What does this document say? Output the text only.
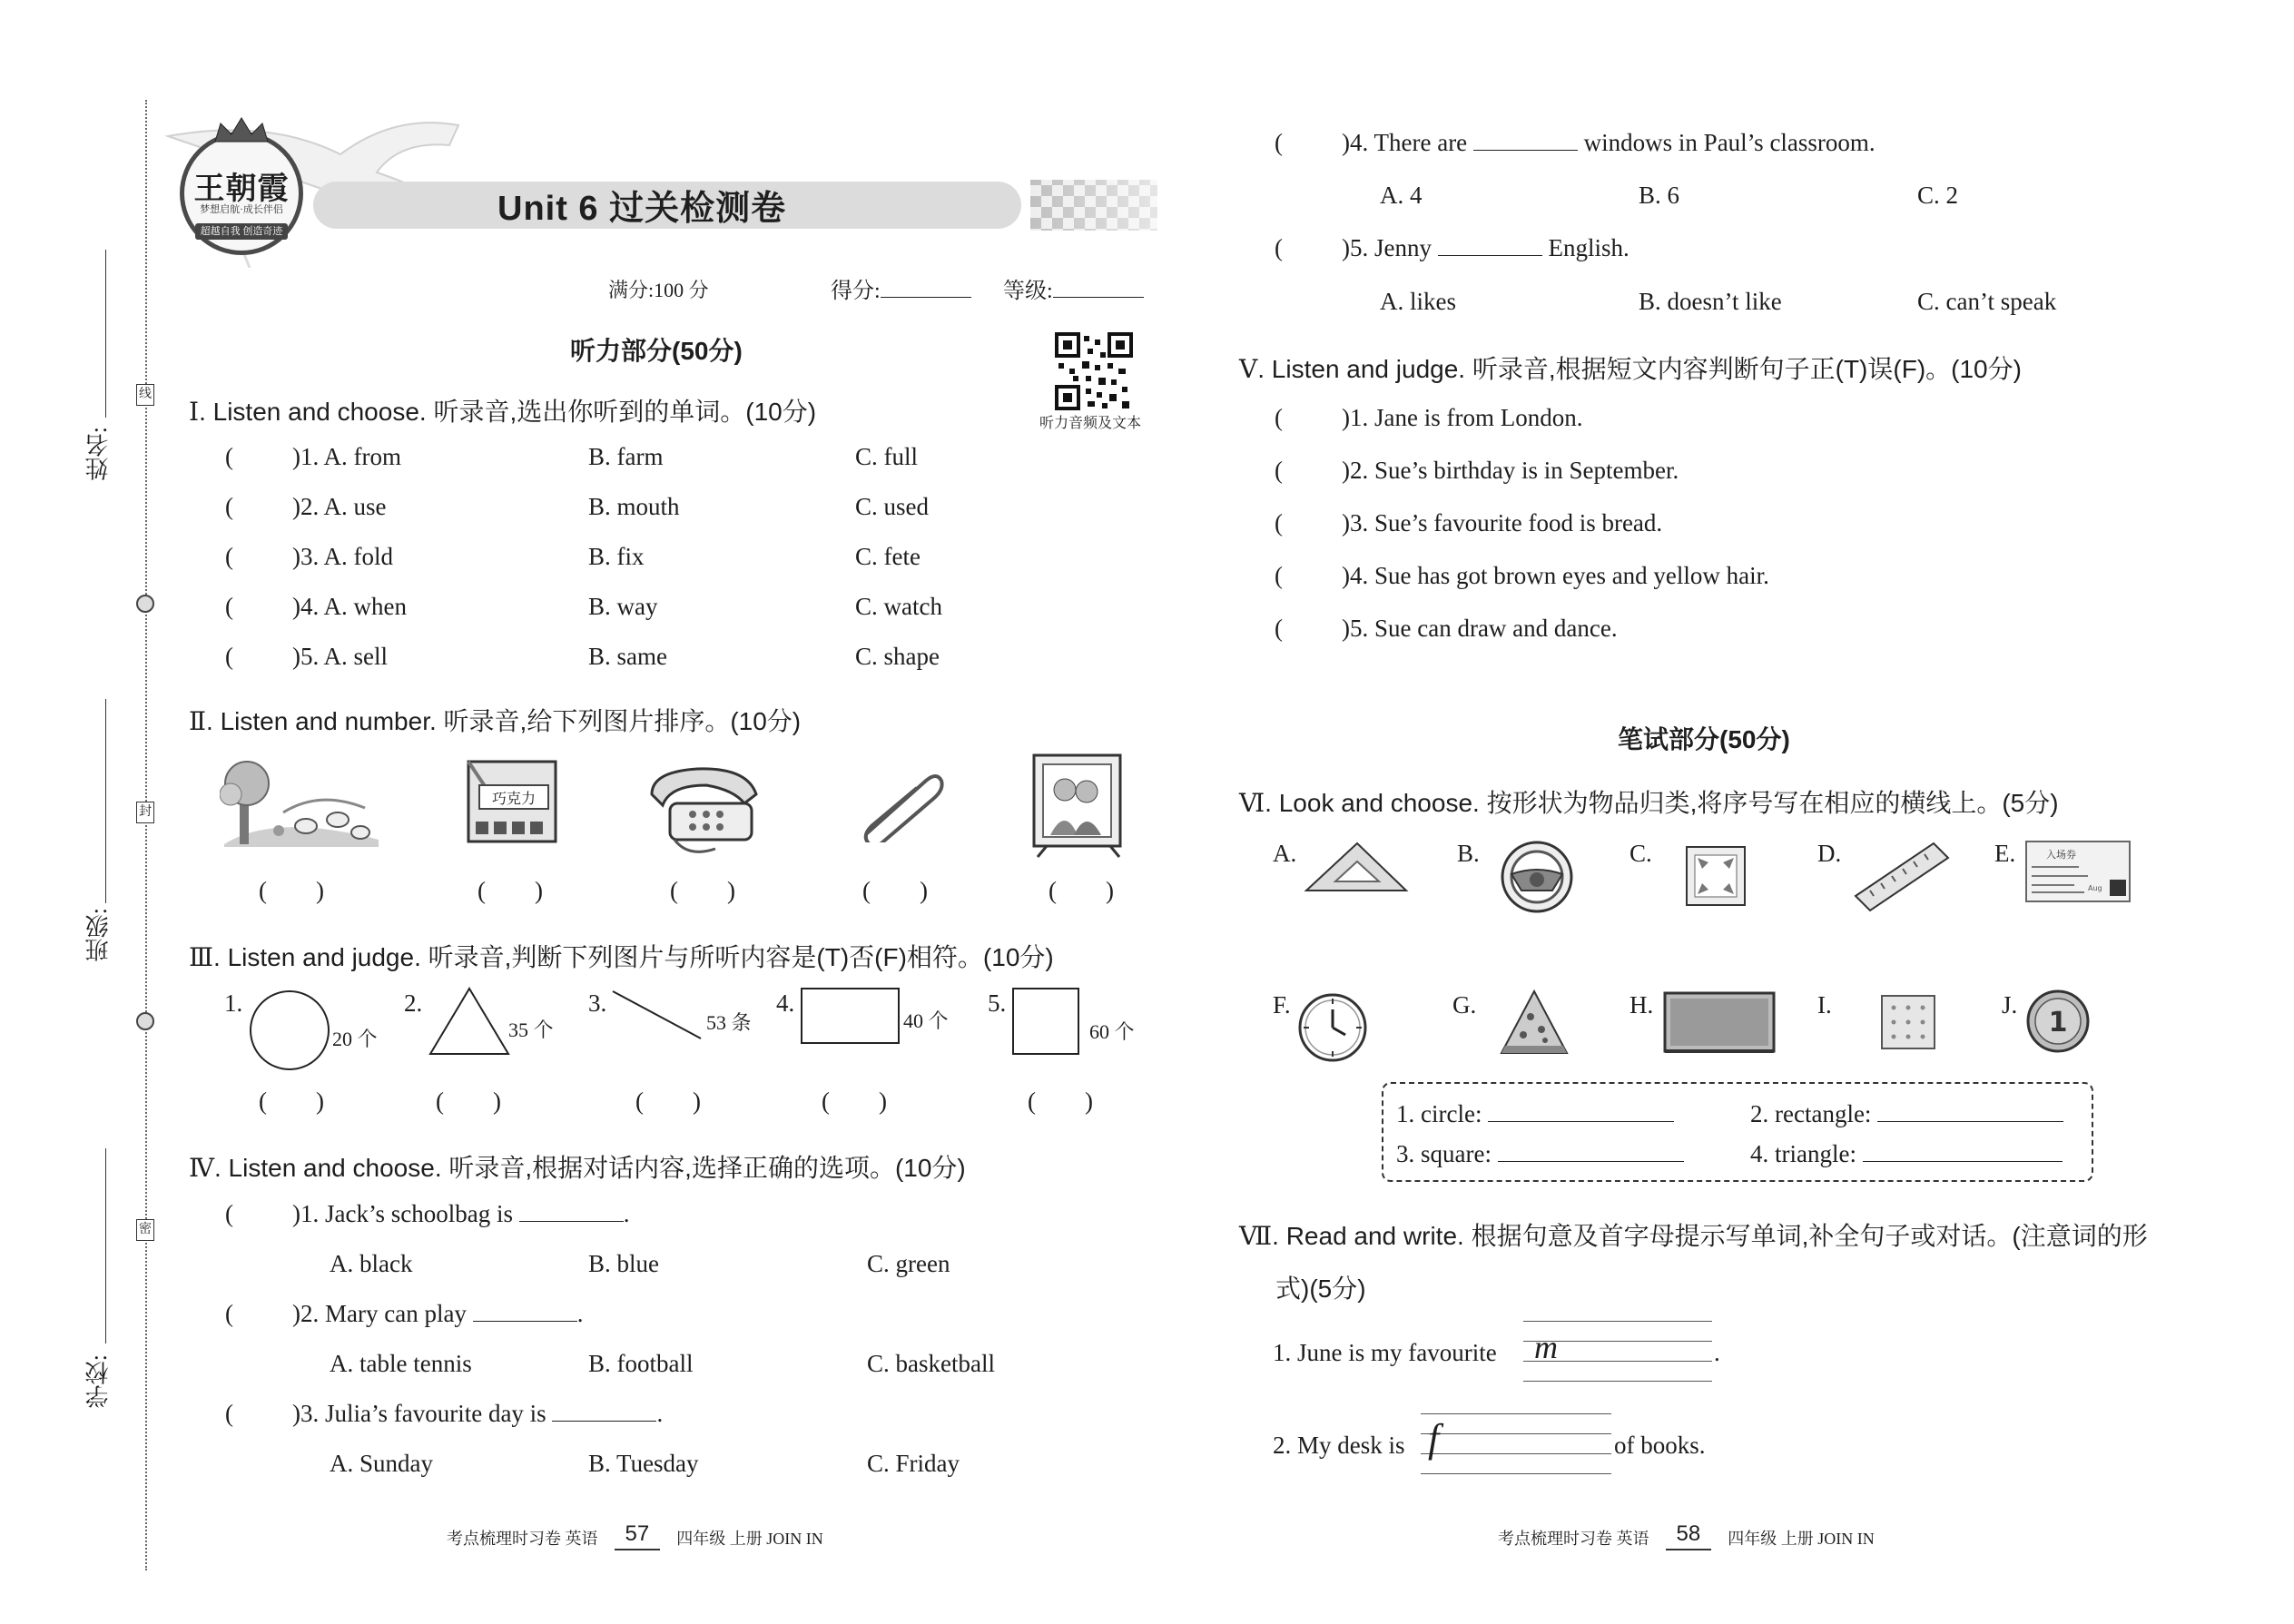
姓名:
线
班级:
封
学校:
密
王朝霞
梦想启航·成长伴侣
超越自我 创造奇迹
Unit 6 过关检测卷
满分:100 分	得分:	等级:
听力部分(50分)
听力音频及文本
Ⅰ. Listen and choose. 听录音,选出你听到的单词。(10分)
( )1. A. from	B. farm	C. full
( )2. A. use	B. mouth	C. used
( )3. A. fold	B. fix	C. fete
( )4. A. when	B. way	C. watch
( )5. A. sell	B. same	C. shape
Ⅱ. Listen and number. 听录音,给下列图片排序。(10分)
巧克力
(  )	(  )	(  )	(  )	(  )
Ⅲ. Listen and judge. 听录音,判断下列图片与所听内容是(T)否(F)相符。(10分)
1.
20 个
2.
35 个
3.
53 条
4.
40 个
5.
60 个
(  )	(  )	(  )	(  )	(  )
Ⅳ. Listen and choose. 听录音,根据对话内容,选择正确的选项。(10分)
( )1. Jack’s schoolbag is	.
A. black	B. blue	C. green
( )2. Mary can play	.
A. table tennis	B. football	C. basketball
( )3. Julia’s favourite day is	.
A. Sunday	B. Tuesday	C. Friday
考点梳理时习卷 英语  57  四年级 上册 JOIN IN
( )4. There are	windows in Paul’s classroom.
A. 4	B. 6	C. 2
( )5. Jenny	English.
A. likes	B. doesn’t like	C. can’t speak
Ⅴ. Listen and judge. 听录音,根据短文内容判断句子正(T)误(F)。(10分)
( )1. Jane is from London.
( )2. Sue’s birthday is in September.
( )3. Sue’s favourite food is bread.
( )4. Sue has got brown eyes and yellow hair.
( )5. Sue can draw and dance.
笔试部分(50分)
Ⅵ. Look and choose. 按形状为物品归类,将序号写在相应的横线上。(5分)
A.	B.	C.	D.	E.	入场券
Aug
F.	G.	H.	I.	J.
1
1. circle:	2. rectangle:
3. square:	4. triangle:
Ⅶ. Read and write. 根据句意及首字母提示写单词,补全句子或对话。(注意词的形
式)(5分)
1. June is my favourite m	.
2. My desk is f	of books.
考点梳理时习卷 英语  58  四年级 上册 JOIN IN
